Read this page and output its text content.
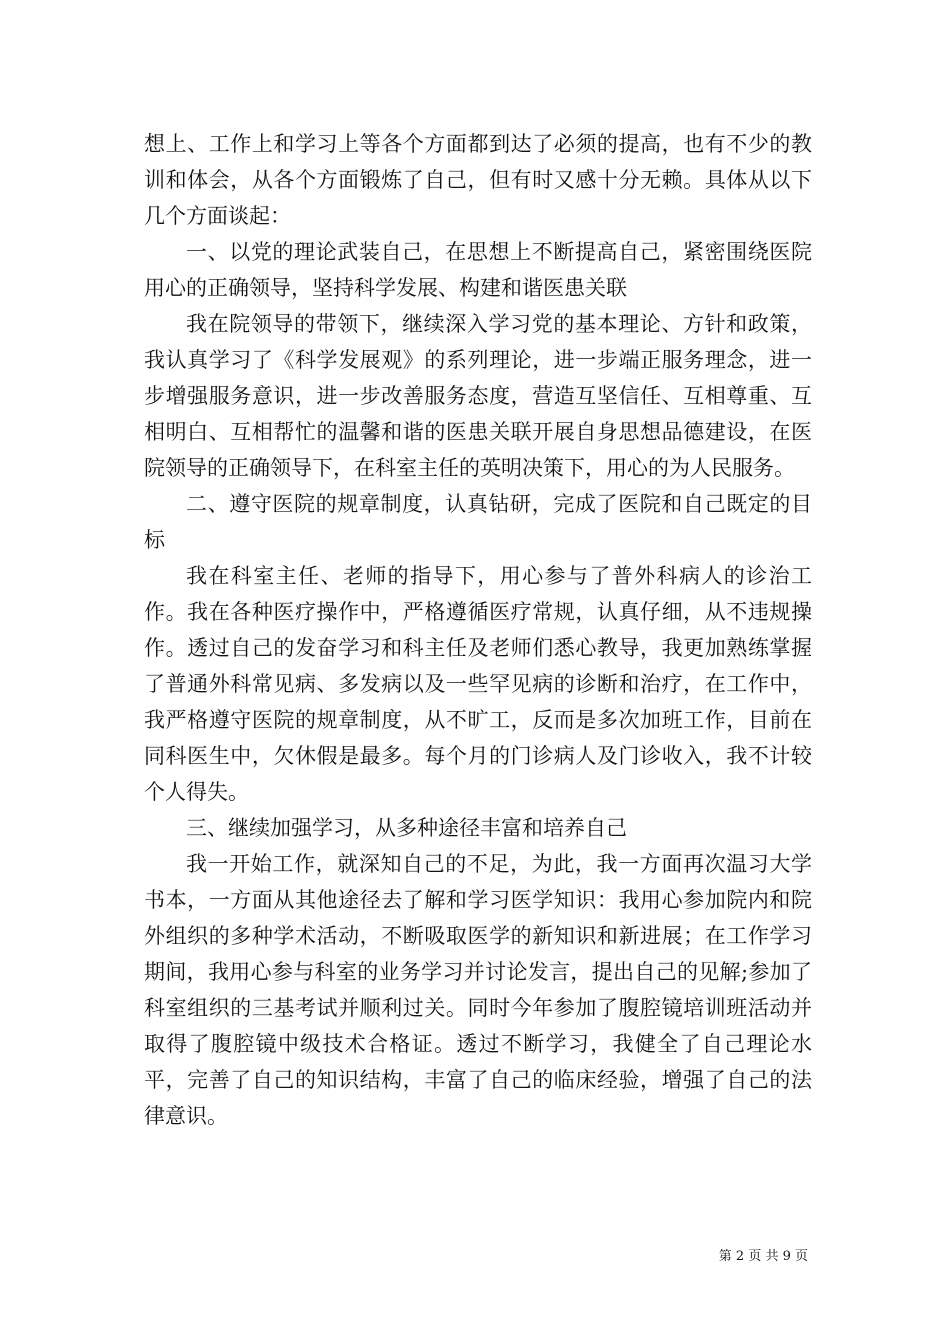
想上、工作上和学习上等各个方面都到达了必须的提高，也有不少的教训和体会，从各个方面锻炼了自己，但有时又感十分无赖。具体从以下几个方面谈起：

一、以党的理论武装自己，在思想上不断提高自己，紧密围绕医院用心的正确领导，坚持科学发展、构建和谐医患关联

我在院领导的带领下，继续深入学习党的基本理论、方针和政策，我认真学习了《科学发展观》的系列理论，进一步端正服务理念，进一步增强服务意识，进一步改善服务态度，营造互坚信任、互相尊重、互相明白、互相帮忙的温馨和谐的医患关联开展自身思想品德建设，在医院领导的正确领导下，在科室主任的英明决策下，用心的为人民服务。

二、遵守医院的规章制度，认真钻研，完成了医院和自己既定的目标

我在科室主任、老师的指导下，用心参与了普外科病人的诊治工作。我在各种医疗操作中，严格遵循医疗常规，认真仔细，从不违规操作。透过自己的发奋学习和科主任及老师们悉心教导，我更加熟练掌握了普通外科常见病、多发病以及一些罕见病的诊断和治疗，在工作中，我严格遵守医院的规章制度，从不旷工，反而是多次加班工作，目前在同科医生中，欠休假是最多。每个月的门诊病人及门诊收入，我不计较个人得失。

三、继续加强学习，从多种途径丰富和培养自己

我一开始工作，就深知自己的不足，为此，我一方面再次温习大学书本，一方面从其他途径去了解和学习医学知识：我用心参加院内和院外组织的多种学术活动，不断吸取医学的新知识和新进展；在工作学习期间，我用心参与科室的业务学习并讨论发言，提出自己的见解;参加了科室组织的三基考试并顺利过关。同时今年参加了腹腔镜培训班活动并取得了腹腔镜中级技术合格证。透过不断学习，我健全了自己理论水平，完善了自己的知识结构，丰富了自己的临床经验，增强了自己的法律意识。

第 2 页 共 9 页
